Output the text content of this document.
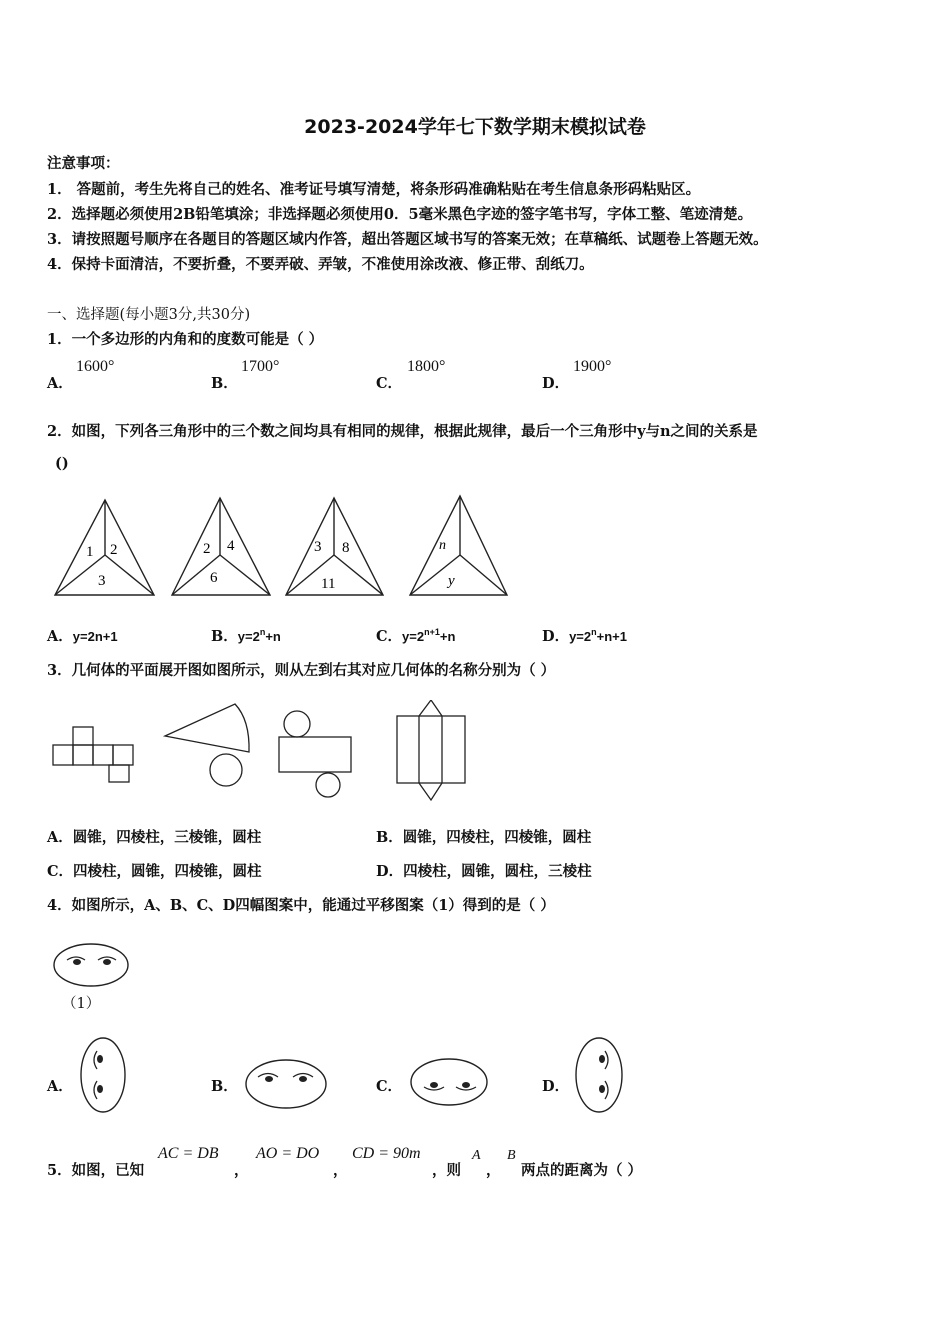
2023-2024学年七下数学期末模拟试卷
注意事项：
1． 答题前，考生先将自己的姓名、准考证号填写清楚，将条形码准确粘贴在考生信息条形码粘贴区。
2．选择题必须使用2B铅笔填涂；非选择题必须使用0．5毫米黑色字迹的签字笔书写，字体工整、笔迹清楚。
3．请按照题号顺序在各题目的答题区域内作答，超出答题区域书写的答案无效；在草稿纸、试题卷上答题无效。
4．保持卡面清洁，不要折叠，不要弄破、弄皱，不准使用涂改液、修正带、刮纸刀。
一、选择题(每小题3分,共30分)
1．一个多边形的内角和的度数可能是（ ）
A．
1600°
B．
1700°
C．
1800°
D．
1900°
2．如图，下列各三角形中的三个数之间均具有相同的规律，根据此规律，最后一个三角形中y与n之间的关系是
()
1 2
3
2 4
6
3 8
11
n
y
A．y=2n+1	B．$y=2^n+n$	C．$y=2^{n+1}+n$	D．$y=2^n+n+1$
3．几何体的平面展开图如图所示，则从左到右其对应几何体的名称分别为（ ）
A．圆锥，四棱柱，三棱锥，圆柱	B．圆锥，四棱柱，四棱锥，圆柱
C．四棱柱，圆锥，四棱锥，圆柱	D．四棱柱，圆锥，圆柱，三棱柱
4．如图所示，A、B、C、D四幅图案中，能通过平移图案（1）得到的是（ ）
（1）
A．	B．	C．	D．
5．如图，已知
AC = DB
，
AO = DO
，
CD = 90m
，则
A
，
B
两点的距离为（ ）
